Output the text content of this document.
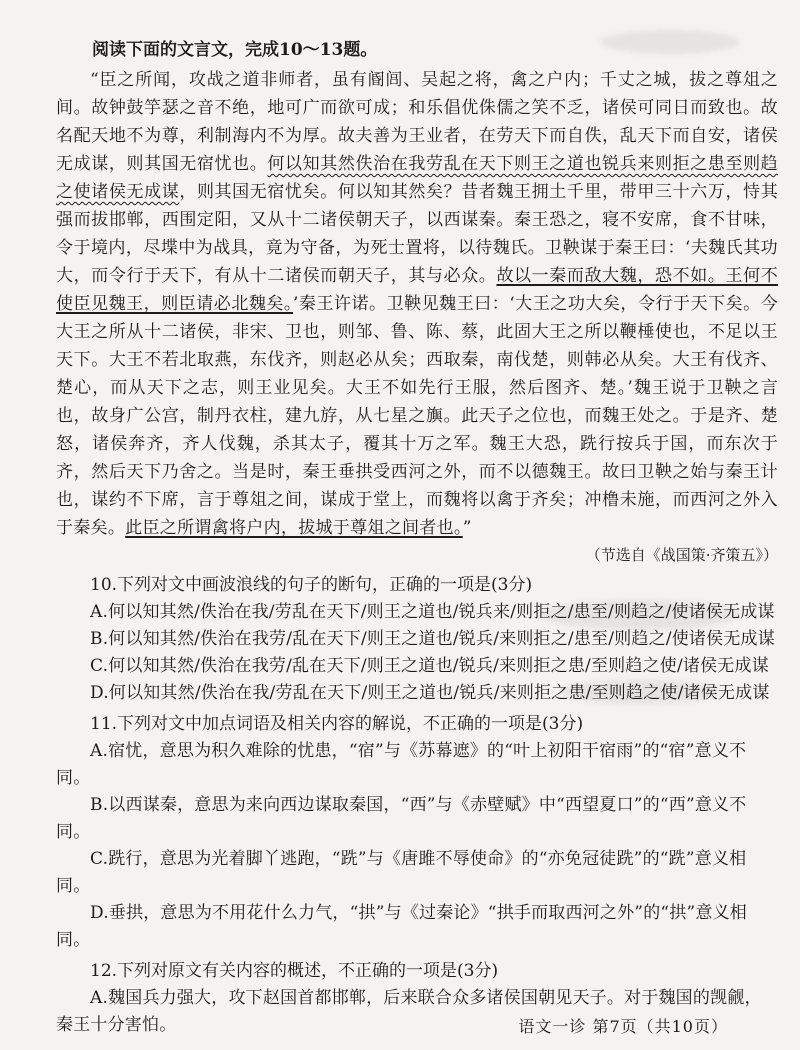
阅读下面的文言文，完成10～13题。

“臣之所闻，攻战之道非师者，虽有阍闾、吴起之将，禽之户内；千丈之城，拔之尊俎之间。故钟鼓竽瑟之音不绝，地可广而欲可成；和乐倡优侏儒之笑不乏，诸侯可同日而致也。故名配天地不为尊，利制海内不为厚。故夫善为王业者，在劳天下而自佚，乱天下而自安，诸侯无成谋，则其国无宿忧也。何以知其然佚治在我劳乱在天下则王之道也锐兵来则拒之患至则趋之使诸侯无成谋，则其国无宿忧矣。何以知其然矣？昔者魏王拥土千里，带甲三十六万，恃其强而拔邯郸，西围定阳，又从十二诸侯朝天子，以西谋秦。秦王恐之，寝不安席，食不甘味，令于境内，尽堞中为战具，竟为守备，为死士置将，以待魏氏。卫鞅谋于秦王曰：‘夫魏氏其功大，而令行于天下，有从十二诸侯而朝天子，其与必众。故以一秦而敌大魏，恐不如。王何不使臣见魏王，则臣请必北魏矣。’秦王许诺。卫鞅见魏王曰：‘大王之功大矣，令行于天下矣。今大王之所从十二诸侯，非宋、卫也，则邹、鲁、陈、蔡，此固大王之所以鞭棰使也，不足以王天下。大王不若北取燕，东伐齐，则赵必从矣；西取秦，南伐楚，则韩必从矣。大王有伐齐、楚心，而从天下之志，则王业见矣。大王不如先行王服，然后图齐、楚。’魏王说于卫鞅之言也，故身广公宫，制丹衣柱，建九斿，从七星之旟。此天子之位也，而魏王处之。于是齐、楚怒，诸侯奔齐，齐人伐魏，杀其太子，覆其十万之军。魏王大恐，跣行按兵于国，而东次于齐，然后天下乃舍之。当是时，秦王垂拱受西河之外，而不以德魏王。故曰卫鞅之始与秦王计也，谋约不下席，言于尊俎之间，谋成于堂上，而魏将以禽于齐矣；冲橹未施，而西河之外入于秦矣。此臣之所谓禽将户内，拔城于尊俎之间者也。”

（节选自《战国策·齐策五》）

10.下列对文中画波浪线的句子的断句，正确的一项是(3分)

A.何以知其然/佚治在我/劳乱在天下/则王之道也/锐兵来/则拒之/患至/则趋之/使诸侯无成谋

B.何以知其然/佚治在我劳/乱在天下/则王之道也/锐兵/来则拒之/患至/则趋之/使诸侯无成谋

C.何以知其然/佚治在我劳/乱在天下/则王之道也/锐兵/来则拒之患/至则趋之使/诸侯无成谋

D.何以知其然/佚治在我/劳乱在天下/则王之道也/锐兵/来则拒之患/至则趋之使/诸侯无成谋

11.下列对文中加点词语及相关内容的解说，不正确的一项是(3分)

A.宿忧，意思为积久难除的忧患，“宿”与《苏幕遮》的“叶上初阳干宿雨”的“宿”意义不同。

B.以西谋秦，意思为来向西边谋取秦国，“西”与《赤壁赋》中“西望夏口”的“西”意义不同。

C.跣行，意思为光着脚丫逃跑，“跣”与《唐雎不辱使命》的“亦免冠徒跣”的“跣”意义相同。

D.垂拱，意思为不用花什么力气，“拱”与《过秦论》“拱手而取西河之外”的“拱”意义相同。

12.下列对原文有关内容的概述，不正确的一项是(3分)

A.魏国兵力强大，攻下赵国首都邯郸，后来联合众多诸侯国朝见天子。对于魏国的觊觎，秦王十分害怕。	语文一诊 第7页（共10页）
